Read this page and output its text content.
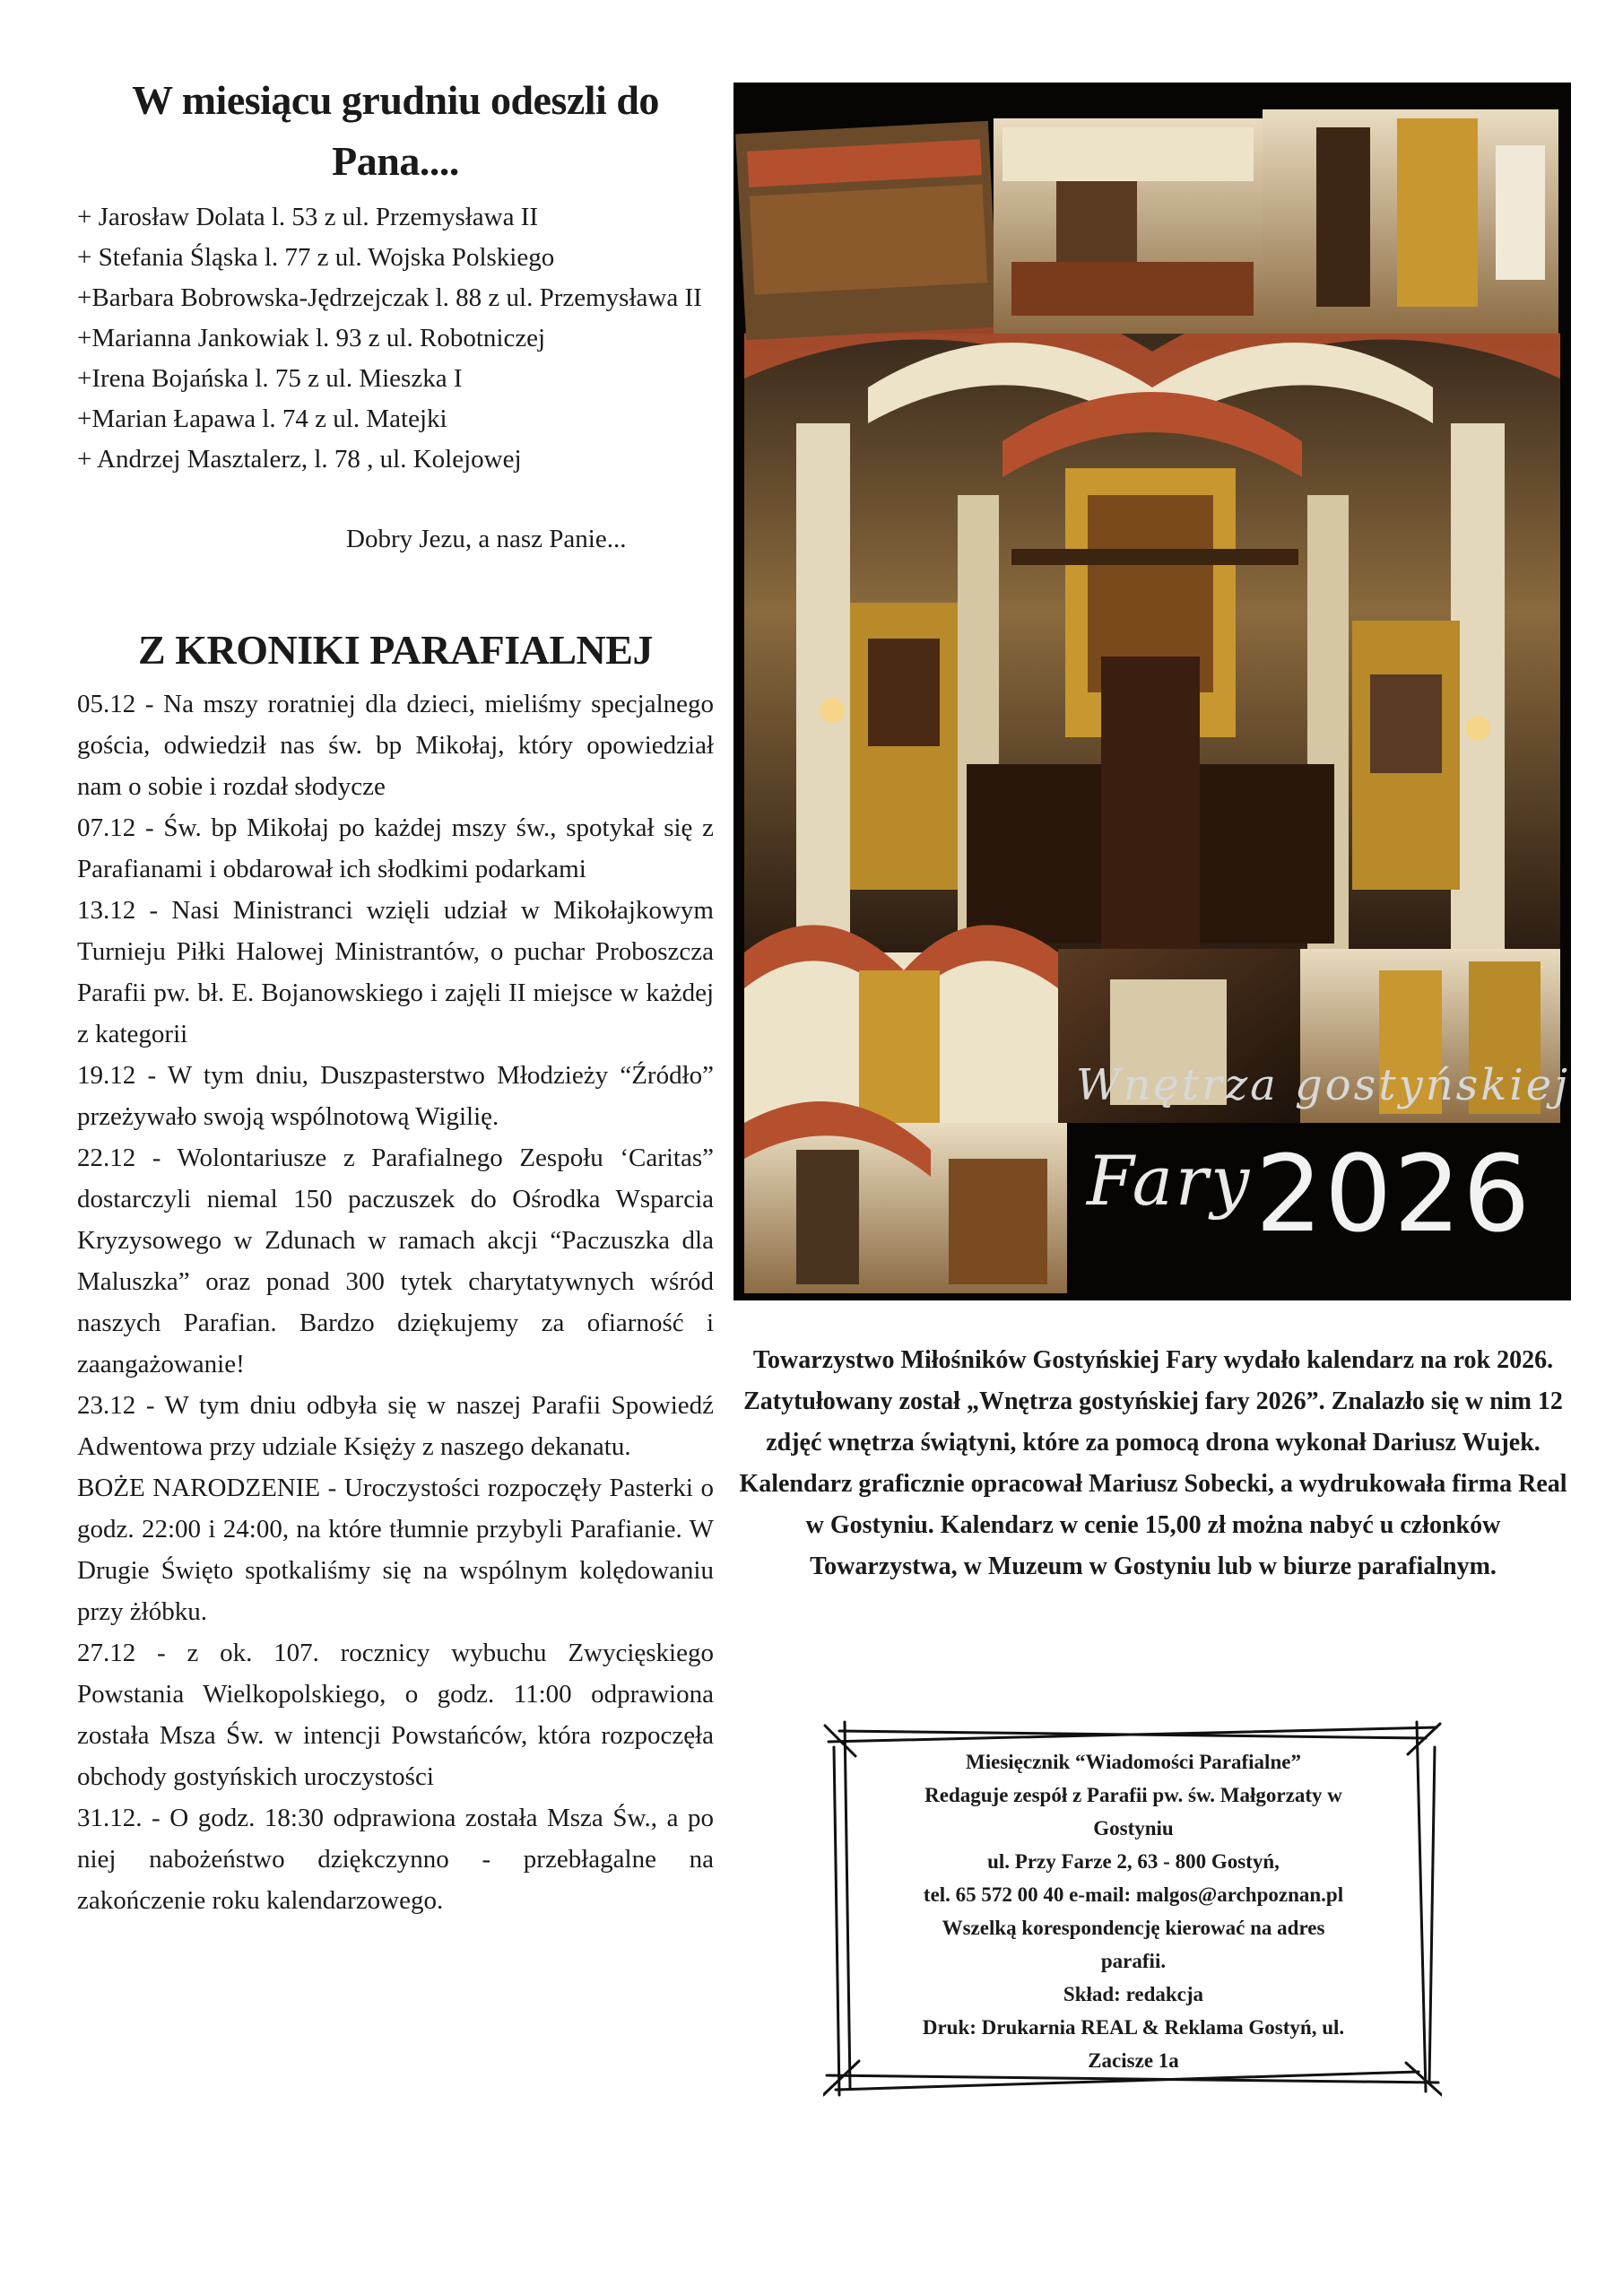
W miesiącu grudniu odeszli do Pana....
+ Jarosław Dolata l. 53 z ul. Przemysława II
+ Stefania Śląska l. 77 z ul. Wojska Polskiego
+Barbara Bobrowska-Jędrzejczak l. 88 z ul. Przemysława II
+Marianna Jankowiak l. 93 z ul. Robotniczej
+Irena Bojańska l. 75 z ul. Mieszka I
+Marian Łapawa l. 74 z ul. Matejki
+ Andrzej Masztalerz, l. 78 , ul. Kolejowej

Dobry Jezu, a nasz Panie...

Z KRONIKI PARAFIALNEJ

05.12 - Na mszy roratniej dla dzieci, mieliśmy specjalnego gościa, odwiedził nas św. bp Mikołaj, który opowiedział nam o sobie i rozdał słodycze

07.12 - Św. bp Mikołaj po każdej mszy św., spotykał się z Parafianami i obdarował ich słodkimi podarkami

13.12 - Nasi Ministranci wzięli udział w Mikołajkowym Turnieju Piłki Halowej Ministrantów, o puchar Proboszcza Parafii pw. bł. E. Bojanowskiego i zajęli II miejsce w każdej z kategorii

19.12 - W tym dniu, Duszpasterstwo Młodzieży “Źródło” przeżywało swoją wspólnotową Wigilię.

22.12 - Wolontariusze z Parafialnego Zespołu ‘Caritas” dostarczyli niemal 150 paczuszek do Ośrodka Wsparcia Kryzysowego w Zdunach w ramach akcji “Paczuszka dla Maluszka” oraz ponad 300 tytek charytatywnych wśród naszych Parafian. Bardzo dziękujemy za ofiarność i zaangażowanie!

23.12 - W tym dniu odbyła się w naszej Parafii Spowiedź Adwentowa przy udziale Księży z naszego dekanatu.

BOŻE NARODZENIE - Uroczystości rozpoczęły Pasterki o godz. 22:00 i 24:00, na które tłumnie przybyli Parafianie. W Drugie Święto spotkaliśmy się na wspólnym kolędowaniu przy żłóbku.

27.12 - z ok. 107. rocznicy wybuchu Zwycięskiego Powstania Wielkopolskiego, o godz. 11:00 odprawiona została Msza Św. w intencji Powstańców, która rozpoczęła obchody gostyńskich uroczystości

31.12. - O godz. 18:30 odprawiona została Msza Św., a po niej nabożeństwo dziękczynno - przebłagalne na zakończenie roku kalendarzowego.

Wnętrza gostyńskiej
Fary 2026

Towarzystwo Miłośników Gostyńskiej Fary wydało kalendarz na rok 2026. Zatytułowany został „Wnętrza gostyńskiej fary 2026”. Znalazło się w nim 12 zdjęć wnętrza świątyni, które za pomocą drona wykonał Dariusz Wujek. Kalendarz graficznie opracował Mariusz Sobecki, a wydrukowała firma Real w Gostyniu. Kalendarz w cenie 15,00 zł można nabyć u członków Towarzystwa, w Muzeum w Gostyniu lub w biurze parafialnym.

Miesięcznik “Wiadomości Parafialne”
Redaguje zespół z Parafii pw. św. Małgorzaty w Gostyniu
ul. Przy Farze 2, 63 - 800 Gostyń,
tel. 65 572 00 40 e-mail: malgos@archpoznan.pl
Wszelką korespondencję kierować na adres parafii.
Skład: redakcja
Druk: Drukarnia REAL & Reklama Gostyń, ul. Zacisze 1a
